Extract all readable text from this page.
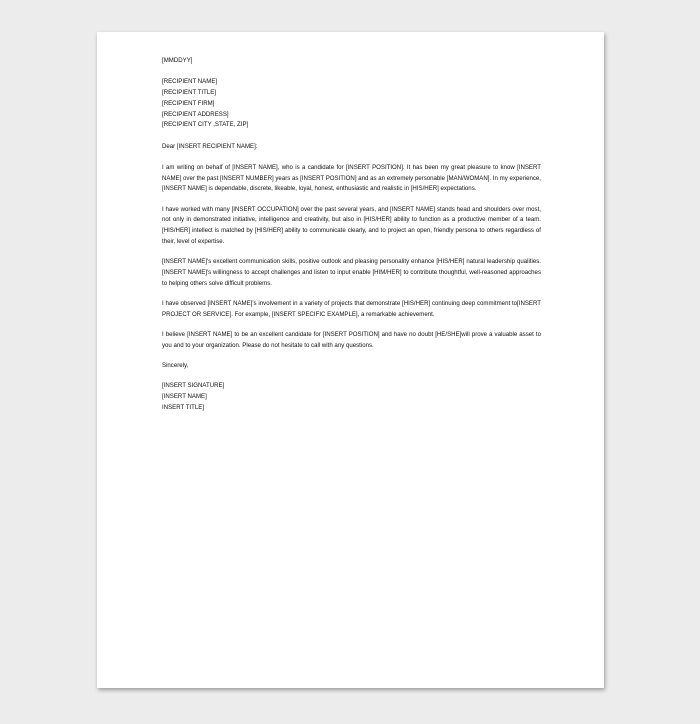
[MMDDYY]

[RECIPIENT NAME]

[RECIPIENT TITLE]

[RECIPIENT FIRM]

[RECIPIENT ADDRESS]

[RECIPIENT CITY ,STATE, ZIP]

Dear [INSERT RECIPIENT NAME]:

I am writing on behalf of [INSERT NAME], who is a candidate for [INSERT POSITION]. It has been my great pleasure to know [INSERT NAME] over the past [INSERT NUMBER] years as [INSERT POSITION] and as an extremely personable [MAN/WOMAN]. In my experience, [INSERT NAME] is dependable, discrete, likeable, loyal, honest, enthusiastic and realistic in [HIS/HER] expectations.

I have worked with many [INSERT OCCUPATION] over the past several years, and [INSERT NAME] stands head and shoulders over most, not only in demonstrated initiative, intelligence and creativity, but also in [HIS/HER] ability to function as a productive member of a team. [HIS/HER] intellect is matched by [HIS/HER] ability to communicate clearly, and to project an open, friendly persona to others regardless of their, level of expertise.

[INSERT NAME]'s excellent communication skills, positive outlook and pleasing personality enhance [HIS/HER] natural leadership qualities. [INSERT NAME]'s willingness to accept challenges and listen to input enable [HIM/HER] to contribute thoughtful, well-reasoned approaches to helping others solve difficult problems.

I have observed [INSERT NAME]'s involvement in a variety of projects that demonstrate [HIS/HER] continuing deep commitment to[INSERT PROJECT OR SERVICE]. For example, [INSERT SPECIFIC EXAMPLE], a remarkable achievement.

I believe [INSERT NAME] to be an excellent candidate for [INSERT POSITION] and have no doubt [HE/SHE]will prove a valuable asset to you and to your organization. Please do not hesitate to call with any questions.

Sincerely,

[INSERT SIGNATURE]

[INSERT NAME]

INSERT TITLE]
